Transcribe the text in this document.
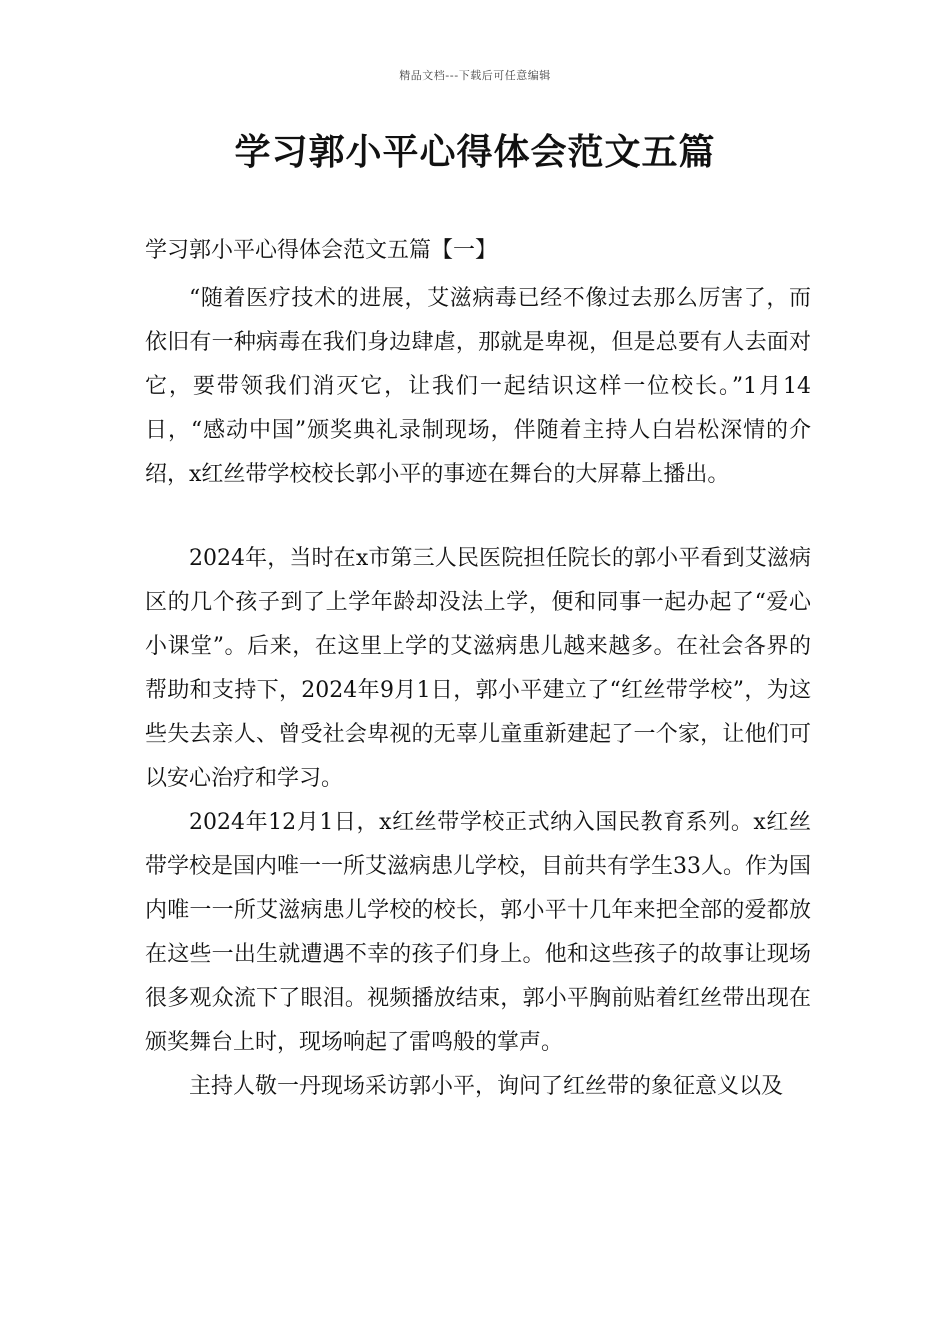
精品文档---下载后可任意编辑
学习郭小平心得体会范文五篇

学习郭小平心得体会范文五篇【一】

“随着医疗技术的进展，艾滋病毒已经不像过去那么厉害了，而依旧有一种病毒在我们身边肆虐，那就是卑视，但是总要有人去面对它，要带领我们消灭它，让我们一起结识这样一位校长。”1月14日，“感动中国”颁奖典礼录制现场，伴随着主持人白岩松深情的介绍，x红丝带学校校长郭小平的事迹在舞台的大屏幕上播出。

2024年，当时在x市第三人民医院担任院长的郭小平看到艾滋病区的几个孩子到了上学年龄却没法上学，便和同事一起办起了“爱心小课堂”。后来，在这里上学的艾滋病患儿越来越多。在社会各界的帮助和支持下，2024年9月1日，郭小平建立了“红丝带学校”，为这些失去亲人、曾受社会卑视的无辜儿童重新建起了一个家，让他们可以安心治疗和学习。

2024年12月1日，x红丝带学校正式纳入国民教育系列。x红丝带学校是国内唯一一所艾滋病患儿学校，目前共有学生33人。作为国内唯一一所艾滋病患儿学校的校长，郭小平十几年来把全部的爱都放在这些一出生就遭遇不幸的孩子们身上。他和这些孩子的故事让现场很多观众流下了眼泪。视频播放结束，郭小平胸前贴着红丝带出现在颁奖舞台上时，现场响起了雷鸣般的掌声。

主持人敬一丹现场采访郭小平，询问了红丝带的象征意义以及
